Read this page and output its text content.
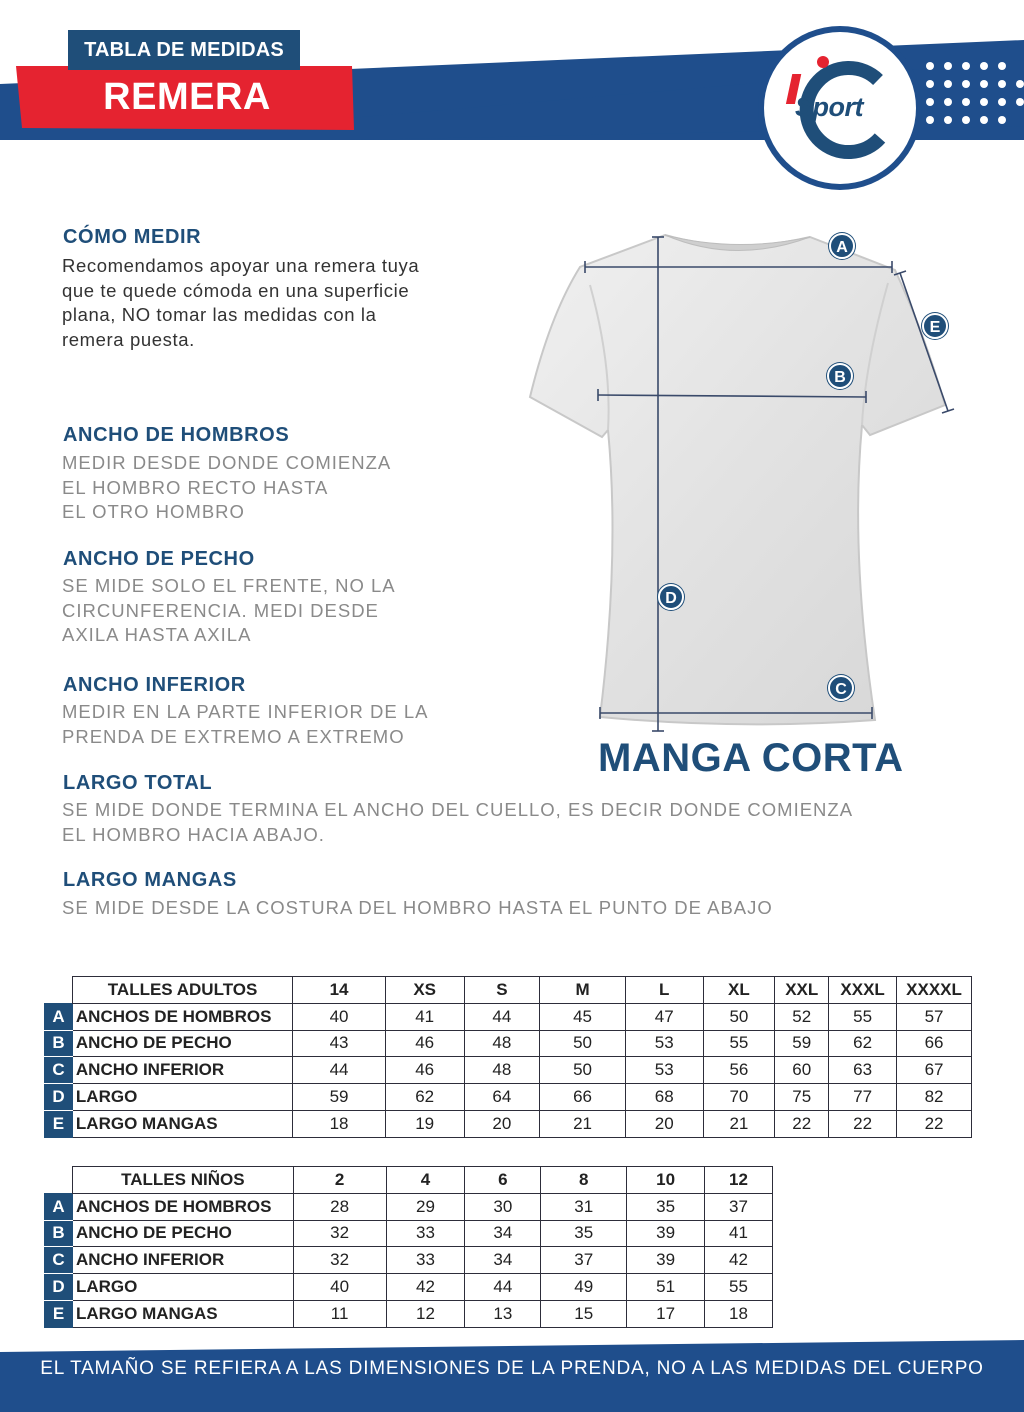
TABLA DE MEDIDAS
REMERA	Sport
CÓMO MEDIR
Recomendamos apoyar una remera tuya
que te quede cómoda en una superficie
plana, NO tomar las medidas con la
remera puesta.
ANCHO DE HOMBROS
MEDIR DESDE DONDE COMIENZA
EL HOMBRO RECTO HASTA
EL OTRO HOMBRO
ANCHO DE PECHO
SE MIDE SOLO EL FRENTE, NO LA
CIRCUNFERENCIA. MEDI DESDE
AXILA HASTA AXILA
ANCHO INFERIOR
MEDIR EN LA PARTE INFERIOR DE LA
PRENDA DE EXTREMO A EXTREMO
LARGO TOTAL
SE MIDE DONDE TERMINA EL ANCHO DEL CUELLO, ES DECIR DONDE COMIENZA
EL HOMBRO HACIA ABAJO.
LARGO MANGAS
SE MIDE DESDE LA COSTURA DEL HOMBRO HASTA EL PUNTO DE ABAJO
A
E
B
D
C
MANGA CORTA
	TALLES ADULTOS	14	XS	S	M	L	XL	XXL	XXXL	XXXXL
A	ANCHOS DE HOMBROS	40	41	44	45	47	50	52	55	57
B	ANCHO DE PECHO	43	46	48	50	53	55	59	62	66
C	ANCHO INFERIOR	44	46	48	50	53	56	60	63	67
D	LARGO	59	62	64	66	68	70	75	77	82
E	LARGO MANGAS	18	19	20	21	20	21	22	22	22
	TALLES NIÑOS	2	4	6	8	10	12
A	ANCHOS DE HOMBROS	28	29	30	31	35	37
B	ANCHO DE PECHO	32	33	34	35	39	41
C	ANCHO INFERIOR	32	33	34	37	39	42
D	LARGO	40	42	44	49	51	55
E	LARGO MANGAS	11	12	13	15	17	18
EL TAMAÑO SE REFIERA A LAS DIMENSIONES DE LA PRENDA, NO A LAS MEDIDAS DEL CUERPO
